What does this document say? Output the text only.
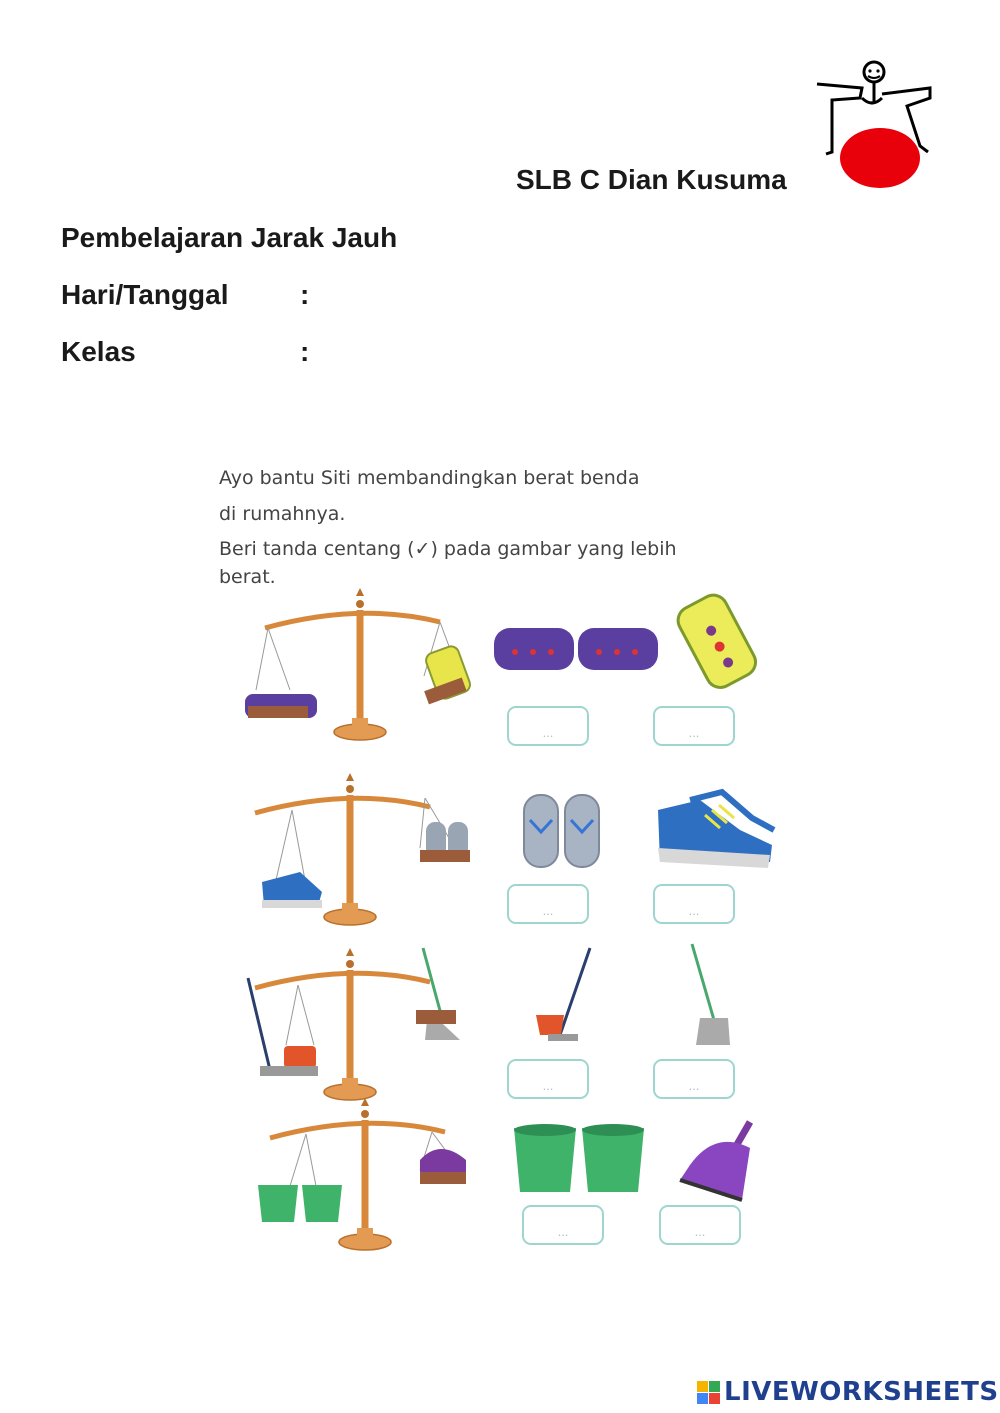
SLB C Dian Kusuma
Pembelajaran Jarak Jauh
Hari/Tanggal	:
Kelas	:
Ayo bantu Siti membandingkan berat benda
di rumahnya.
Beri tanda centang (✓) pada gambar yang lebih
berat.
...	...
...	...
...	...
...	...
LIVEWORKSHEETS
